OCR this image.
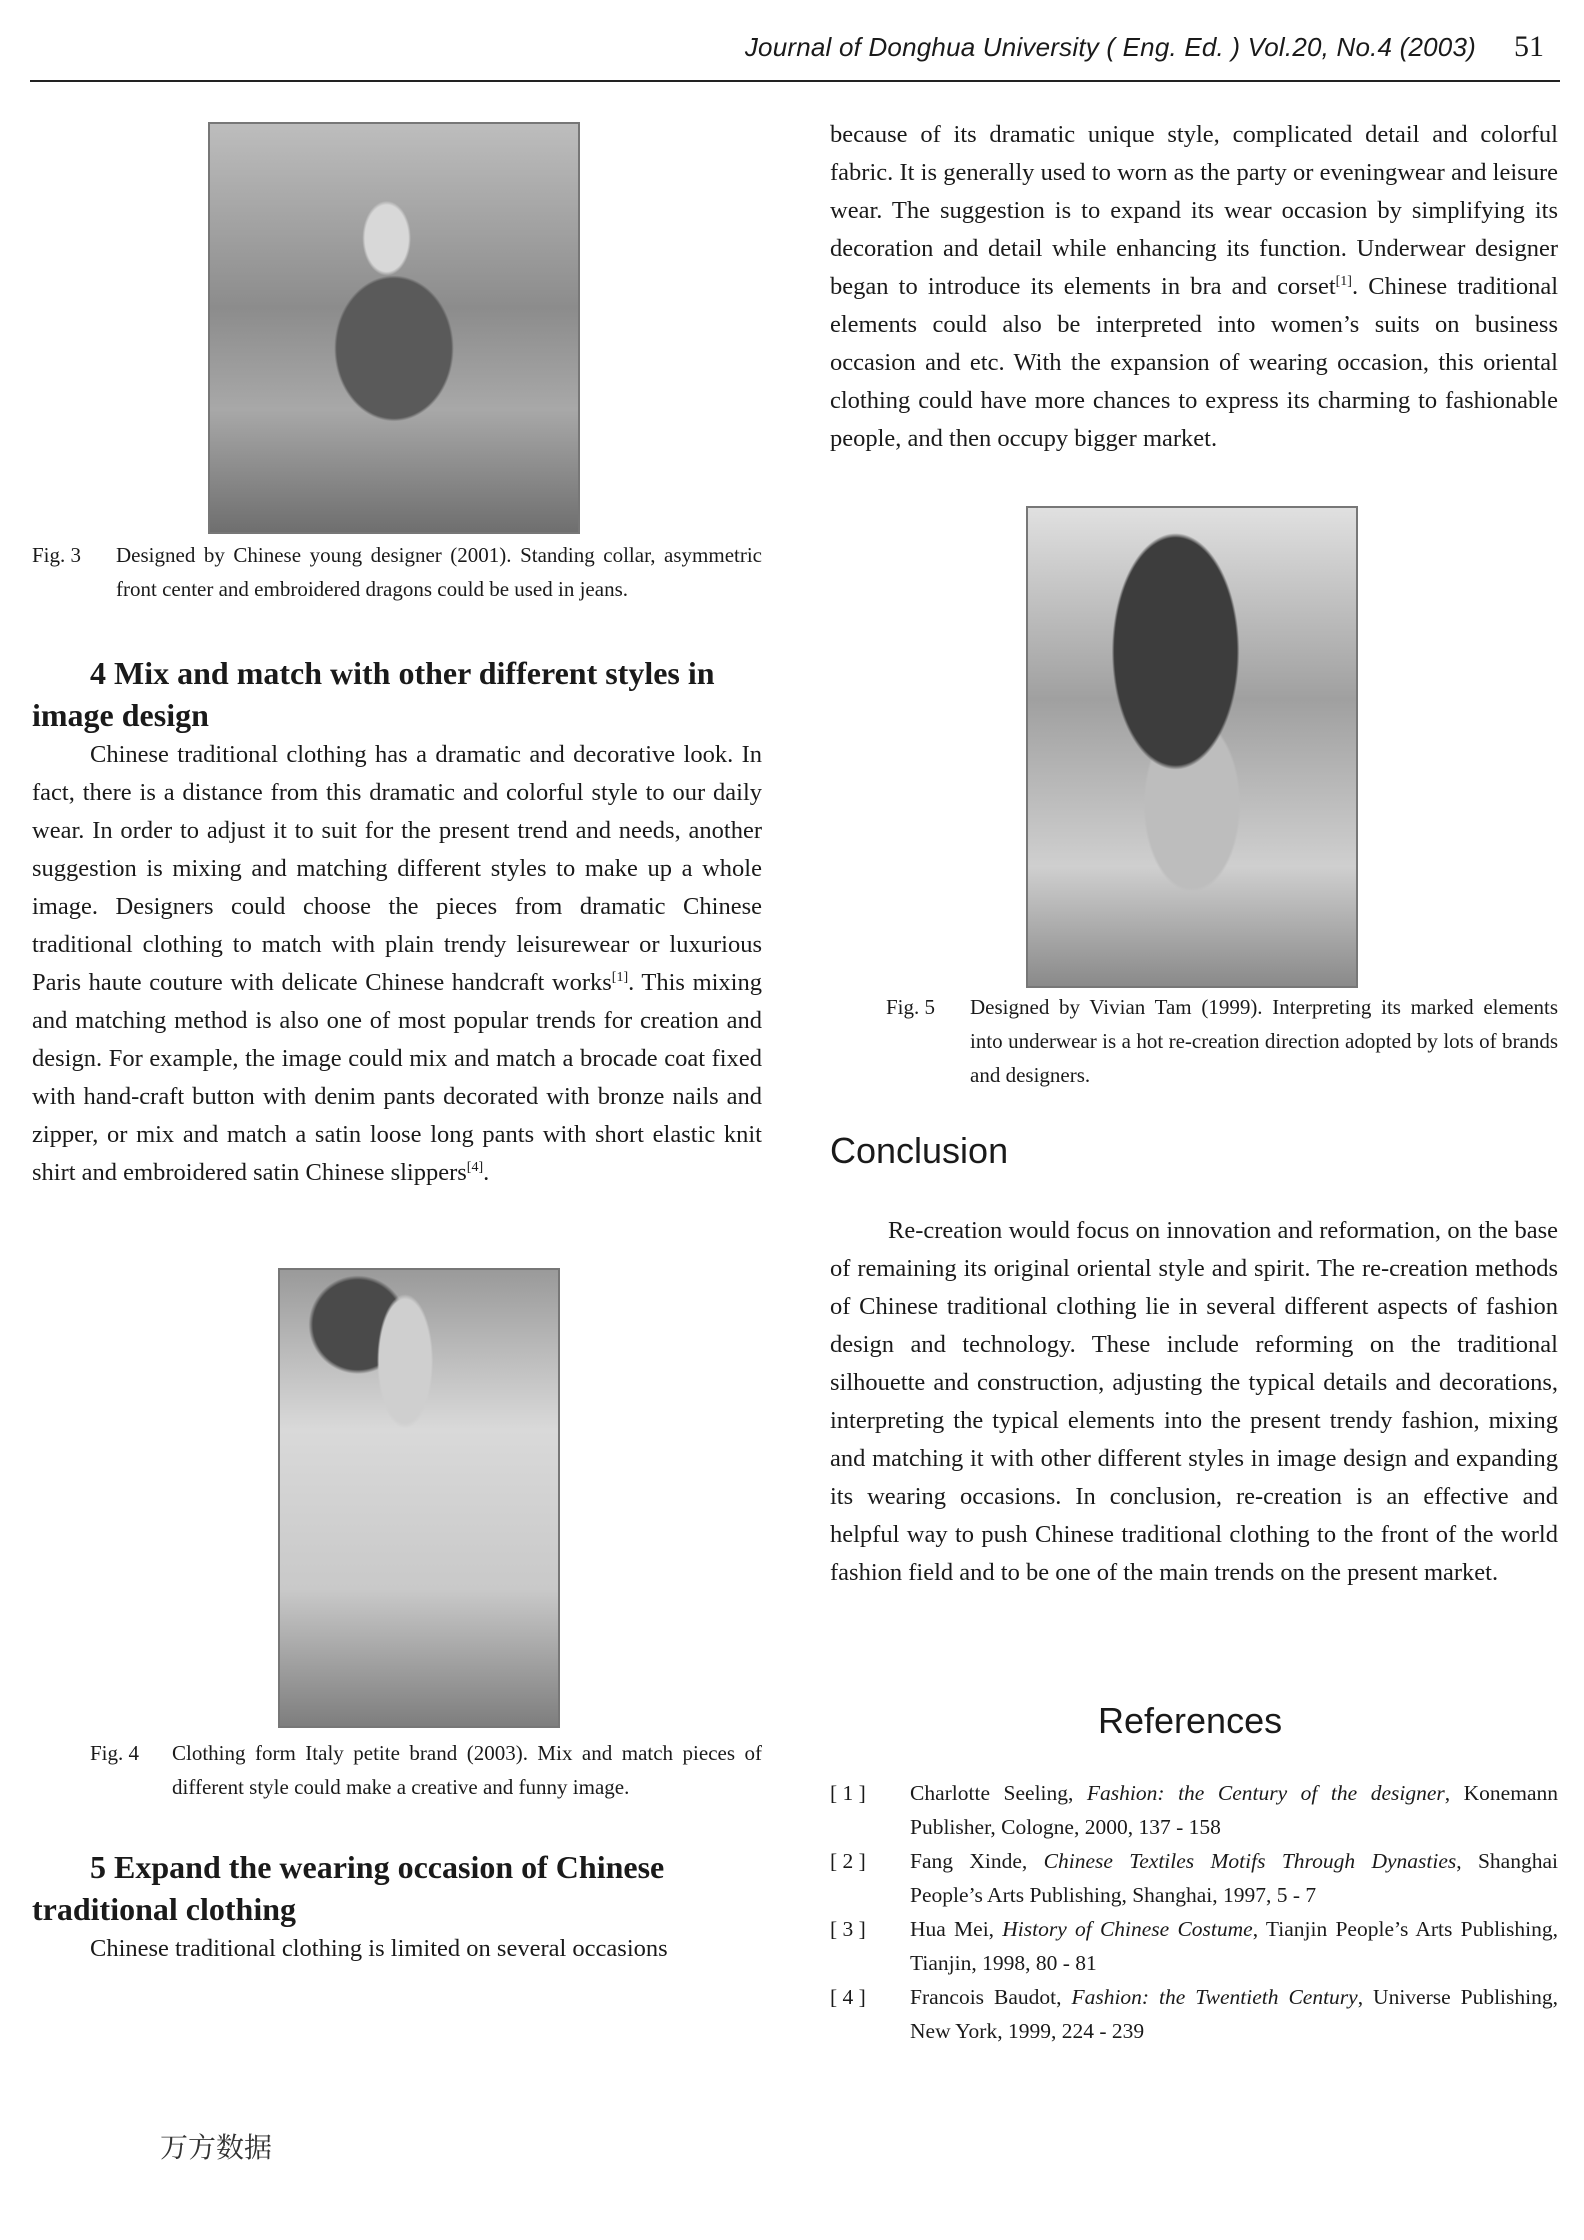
Journal of Donghua University ( Eng. Ed. ) Vol.20, No.4 (2003) 51
Fig. 3 Designed by Chinese young designer (2001). Standing collar, asymmetric front center and embroidered dragons could be used in jeans.
4 Mix and match with other different styles in image design

Chinese traditional clothing has a dramatic and decorative look. In fact, there is a distance from this dramatic and colorful style to our daily wear. In order to adjust it to suit for the present trend and needs, another suggestion is mixing and matching different styles to make up a whole image. Designers could choose the pieces from dramatic Chinese traditional clothing to match with plain trendy leisurewear or luxurious Paris haute couture with delicate Chinese handcraft works[1]. This mixing and matching method is also one of most popular trends for creation and design. For example, the image could mix and match a brocade coat fixed with hand-craft button with denim pants decorated with bronze nails and zipper, or mix and match a satin loose long pants with short elastic knit shirt and embroidered satin Chinese slippers[4].

Fig. 4 Clothing form Italy petite brand (2003). Mix and match pieces of different style could make a creative and funny image.
5 Expand the wearing occasion of Chinese traditional clothing

Chinese traditional clothing is limited on several occasions

because of its dramatic unique style, complicated detail and colorful fabric. It is generally used to worn as the party or eveningwear and leisure wear. The suggestion is to expand its wear occasion by simplifying its decoration and detail while enhancing its function. Underwear designer began to introduce its elements in bra and corset[1]. Chinese traditional elements could also be interpreted into women’s suits on business occasion and etc. With the expansion of wearing occasion, this oriental clothing could have more chances to express its charming to fashionable people, and then occupy bigger market.

Fig. 5 Designed by Vivian Tam (1999). Interpreting its marked elements into underwear is a hot re-creation direction adopted by lots of brands and designers.
Conclusion

Re-creation would focus on innovation and reformation, on the base of remaining its original oriental style and spirit. The re-creation methods of Chinese traditional clothing lie in several different aspects of fashion design and technology. These include reforming on the traditional silhouette and construction, adjusting the typical details and decorations, interpreting the typical elements into the present trendy fashion, mixing and matching it with other different styles in image design and expanding its wearing occasions. In conclusion, re-creation is an effective and helpful way to push Chinese traditional clothing to the front of the world fashion field and to be one of the main trends on the present market.

References
[ 1 ] Charlotte Seeling, Fashion: the Century of the designer, Konemann Publisher, Cologne, 2000, 137 - 158
[ 2 ] Fang Xinde, Chinese Textiles Motifs Through Dynasties, Shanghai People’s Arts Publishing, Shanghai, 1997, 5 - 7
[ 3 ] Hua Mei, History of Chinese Costume, Tianjin People’s Arts Publishing, Tianjin, 1998, 80 - 81
[ 4 ] Francois Baudot, Fashion: the Twentieth Century, Universe Publishing, New York, 1999, 224 - 239
万方数据
